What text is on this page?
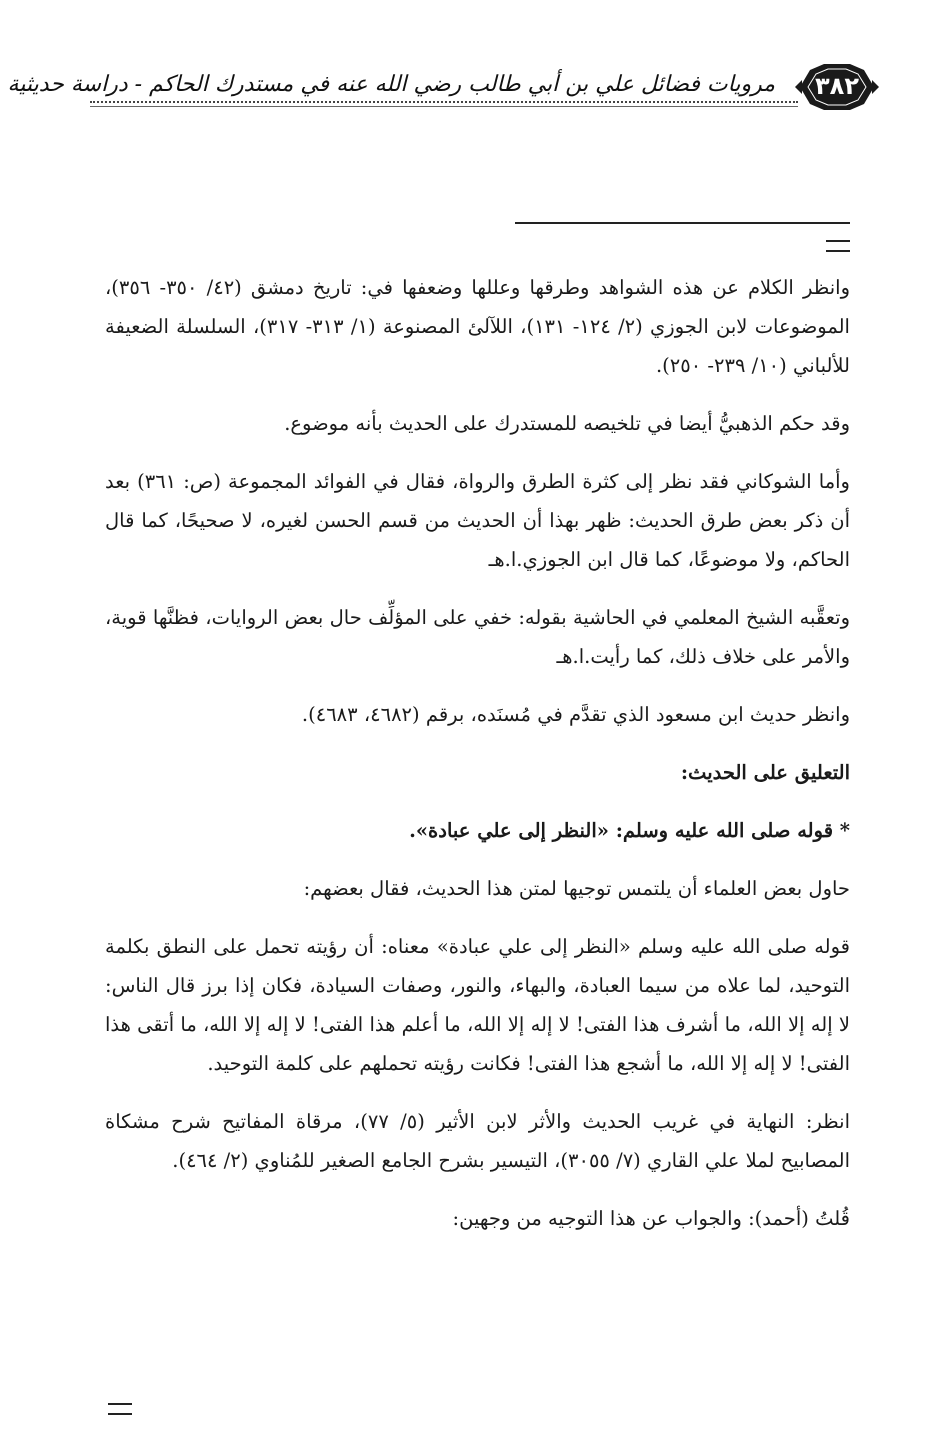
مرويات فضائل علي بن أبي طالب رضي الله عنه في مستدرك الحاكم - دراسة حديثية	٣٨٢

وانظر الكلام عن هذه الشواهد وطرقها وعللها وضعفها في: تاريخ دمشق (٤٢/ ٣٥٠- ٣٥٦)، الموضوعات لابن الجوزي (٢/ ١٢٤- ١٣١)، اللآلئ المصنوعة (١/ ٣١٣- ٣١٧)، السلسلة الضعيفة للألباني (١٠/ ٢٣٩- ٢٥٠).

وقد حكم الذهبيُّ أيضا في تلخيصه للمستدرك على الحديث بأنه موضوع.

وأما الشوكاني فقد نظر إلى كثرة الطرق والرواة، فقال في الفوائد المجموعة (ص: ٣٦١) بعد أن ذكر بعض طرق الحديث: ظهر بهذا أن الحديث من قسم الحسن لغيره، لا صحيحًا، كما قال الحاكم، ولا موضوعًا، كما قال ابن الجوزي.ا.هـ

وتعقَّبه الشيخ المعلمي في الحاشية بقوله: خفي على المؤلِّف حال بعض الروايات، فظنَّها قوية، والأمر على خلاف ذلك، كما رأيت.ا.هـ

وانظر حديث ابن مسعود الذي تقدَّم في مُسنَده، برقم (٤٦٨٢، ٤٦٨٣).

التعليق على الحديث:

* قوله صلى الله عليه وسلم: «النظر إلى علي عبادة».

حاول بعض العلماء أن يلتمس توجيها لمتن هذا الحديث، فقال بعضهم:

قوله صلى الله عليه وسلم «النظر إلى علي عبادة» معناه: أن رؤيته تحمل على النطق بكلمة التوحيد، لما علاه من سيما العبادة، والبهاء، والنور، وصفات السيادة، فكان إذا برز قال الناس: لا إله إلا الله، ما أشرف هذا الفتى! لا إله إلا الله، ما أعلم هذا الفتى! لا إله إلا الله، ما أتقى هذا الفتى! لا إله إلا الله، ما أشجع هذا الفتى! فكانت رؤيته تحملهم على كلمة التوحيد.

انظر: النهاية في غريب الحديث والأثر لابن الأثير (٥/ ٧٧)، مرقاة المفاتيح شرح مشكاة المصابيح لملا علي القاري (٧/ ٣٠٥٥)، التيسير بشرح الجامع الصغير للمُناوي (٢/ ٤٦٤).

قُلتُ (أحمد): والجواب عن هذا التوجيه من وجهين:
